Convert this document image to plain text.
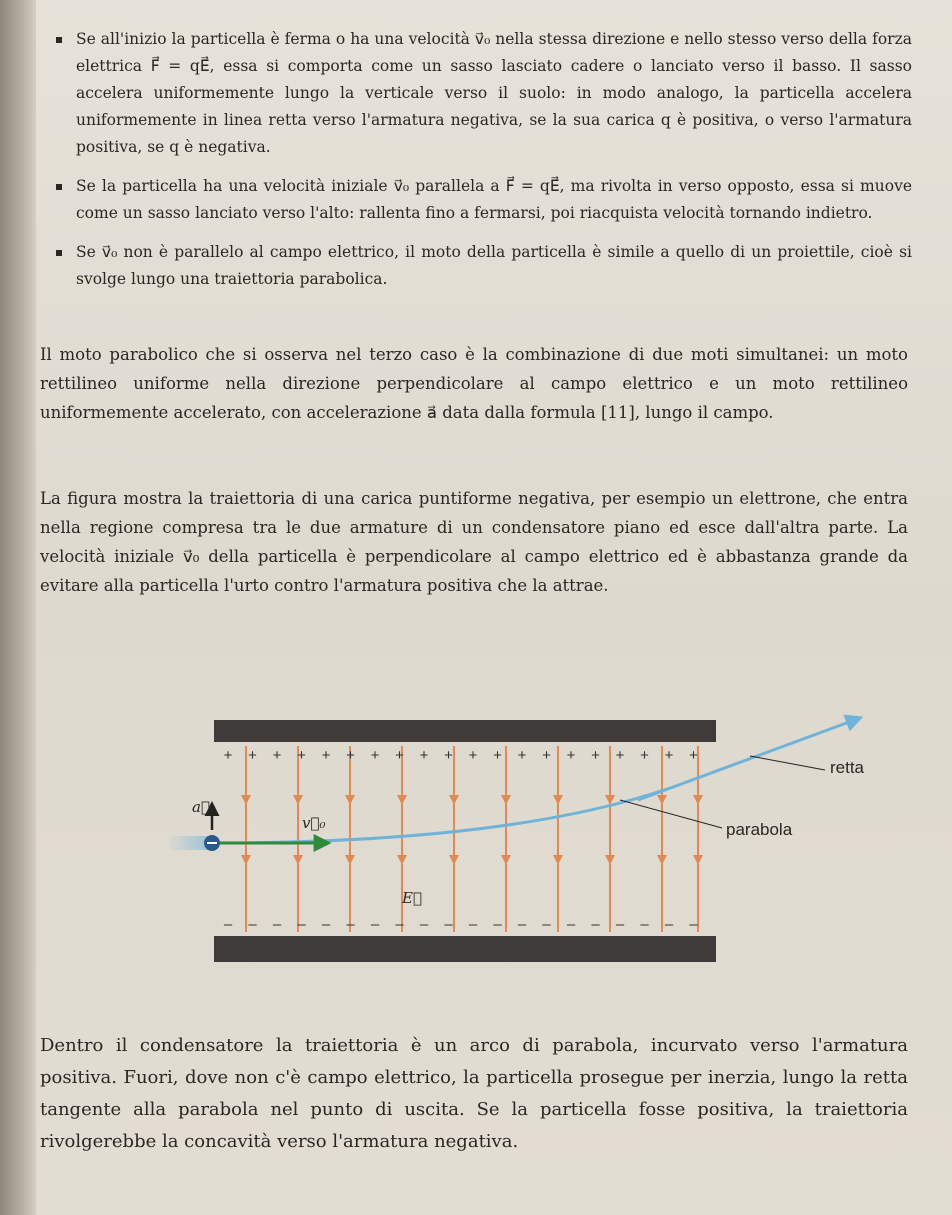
Se all'inizio la particella è ferma o ha una velocità v⃗₀ nella stessa direzione e nello stesso verso della forza elettrica F⃗ = qE⃗, essa si comporta come un sasso lasciato cadere o lanciato verso il basso. Il sasso accelera uniformemente lungo la verticale verso il suolo: in modo analogo, la particella accelera uniformemente in linea retta verso l'armatura negativa, se la sua carica q è positiva, o verso l'armatura positiva, se q è negativa.
Se la particella ha una velocità iniziale v⃗₀ parallela a F⃗ = qE⃗, ma rivolta in verso opposto, essa si muove come un sasso lanciato verso l'alto: rallenta fino a fermarsi, poi riacquista velocità tornando indietro.
Se v⃗₀ non è parallelo al campo elettrico, il moto della particella è simile a quello di un proiettile, cioè si svolge lungo una traiettoria parabolica.
Il moto parabolico che si osserva nel terzo caso è la combinazione di due moti simultanei: un moto rettilineo uniforme nella direzione perpendicolare al campo elettrico e un moto rettilineo uniformemente accelerato, con accelerazione a⃗ data dalla formula [11], lungo il campo.
La figura mostra la traiettoria di una carica puntiforme negativa, per esempio un elettrone, che entra nella regione compresa tra le due armature di un condensatore piano ed esce dall'altra parte. La velocità iniziale v⃗₀ della particella è perpendicolare al campo elettrico ed è abbastanza grande da evitare alla particella l'urto contro l'armatura positiva che la attrae.
+ + + + + + + + + + + + + + + + + + + +
– – – – – – – – – – – – – – – – – – – –
retta
parabola
a⃗
v⃗₀
E⃗
Dentro il condensatore la traiettoria è un arco di parabola, incurvato verso l'armatura positiva. Fuori, dove non c'è campo elettrico, la particella prosegue per inerzia, lungo la retta tangente alla parabola nel punto di uscita. Se la particella fosse positiva, la traiettoria rivolgerebbe la concavità verso l'armatura negativa.
